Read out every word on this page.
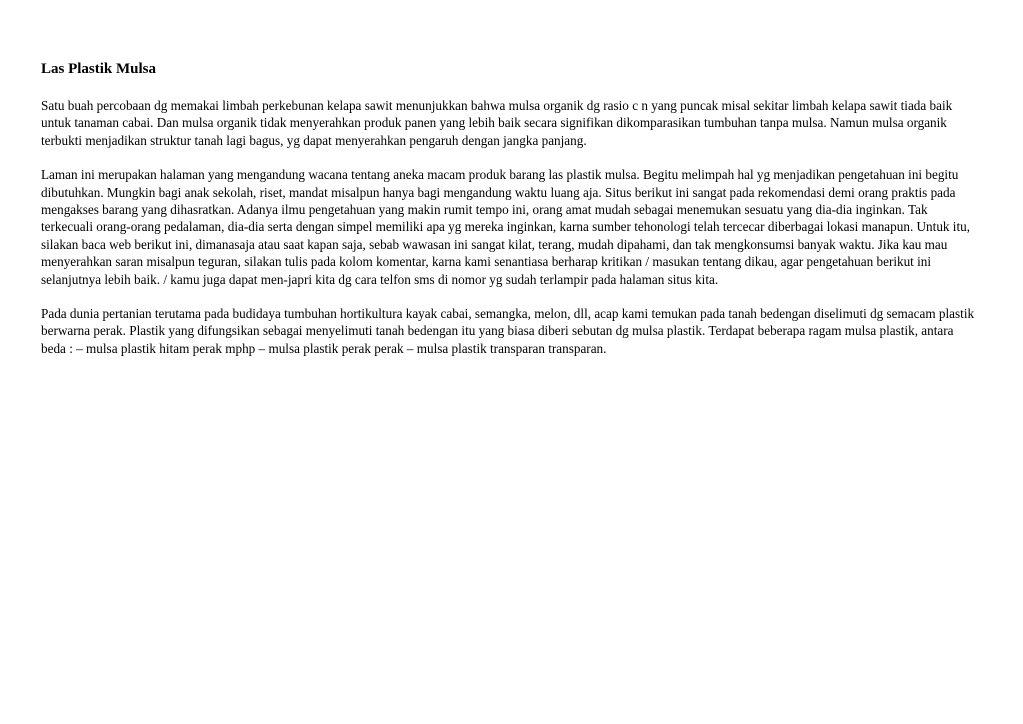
Las Plastik Mulsa

Satu buah percobaan dg memakai limbah perkebunan kelapa sawit menunjukkan bahwa mulsa organik dg rasio c n yang puncak misal sekitar limbah kelapa sawit tiada baik untuk tanaman cabai. Dan mulsa organik tidak menyerahkan produk panen yang lebih baik secara signifikan dikomparasikan tumbuhan tanpa mulsa. Namun mulsa organik terbukti menjadikan struktur tanah lagi bagus, yg dapat menyerahkan pengaruh dengan jangka panjang.

Laman ini merupakan halaman yang mengandung wacana tentang aneka macam produk barang las plastik mulsa. Begitu melimpah hal yg menjadikan pengetahuan ini begitu dibutuhkan. Mungkin bagi anak sekolah, riset, mandat misalpun hanya bagi mengandung waktu luang aja. Situs berikut ini sangat pada rekomendasi demi orang praktis pada mengakses barang yang dihasratkan. Adanya ilmu pengetahuan yang makin rumit tempo ini, orang amat mudah sebagai menemukan sesuatu yang dia-dia inginkan. Tak terkecuali orang-orang pedalaman, dia-dia serta dengan simpel memiliki apa yg mereka inginkan, karna sumber tehonologi telah tercecar diberbagai lokasi manapun. Untuk itu, silakan baca web berikut ini, dimanasaja atau saat kapan saja, sebab wawasan ini sangat kilat, terang, mudah dipahami, dan tak mengkonsumsi banyak waktu. Jika kau mau menyerahkan saran misalpun teguran, silakan tulis pada kolom komentar, karna kami senantiasa berharap kritikan / masukan tentang dikau, agar pengetahuan berikut ini selanjutnya lebih baik. / kamu juga dapat men-japri kita dg cara telfon sms di nomor yg sudah terlampir pada halaman situs kita.

Pada dunia pertanian terutama pada budidaya tumbuhan hortikultura kayak cabai, semangka, melon, dll, acap kami temukan pada tanah bedengan diselimuti dg semacam plastik berwarna perak. Plastik yang difungsikan sebagai menyelimuti tanah bedengan itu yang biasa diberi sebutan dg mulsa plastik. Terdapat beberapa ragam mulsa plastik, antara beda : – mulsa plastik hitam perak mphp – mulsa plastik perak perak – mulsa plastik transparan transparan.
